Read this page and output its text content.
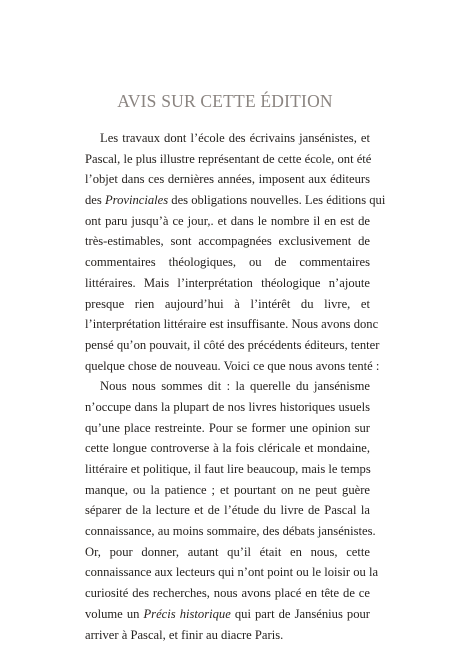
AVIS SUR CETTE ÉDITION
Les travaux dont l’école des écrivains jansénistes, et
Pascal, le plus illustre représentant de cette école, ont été
l’objet dans ces dernières années, imposent aux éditeurs
des Provinciales des obligations nouvelles. Les éditions qui
ont paru jusqu’à ce jour,. et dans le nombre il en est de
très-estimables, sont accompagnées exclusivement de
commentaires théologiques, ou de commentaires
littéraires. Mais l’interprétation théologique n’ajoute
presque rien aujourd’hui à l’intérêt du livre, et
l’interprétation littéraire est insuffisante. Nous avons donc
pensé qu’on pouvait, il côté des précédents éditeurs, tenter
quelque chose de nouveau. Voici ce que nous avons tenté :
Nous nous sommes dit : la querelle du jansénisme
n’occupe dans la plupart de nos livres historiques usuels
qu’une place restreinte. Pour se former une opinion sur
cette longue controverse à la fois cléricale et mondaine,
littéraire et politique, il faut lire beaucoup, mais le temps
manque, ou la patience ; et pourtant on ne peut guère
séparer de la lecture et de l’étude du livre de Pascal la
connaissance, au moins sommaire, des débats jansénistes.
Or, pour donner, autant qu’il était en nous, cette
connaissance aux lecteurs qui n’ont point ou le loisir ou la
curiosité des recherches, nous avons placé en tête de ce
volume un Précis historique qui part de Jansénius pour
arriver à Pascal, et finir au diacre Paris.
